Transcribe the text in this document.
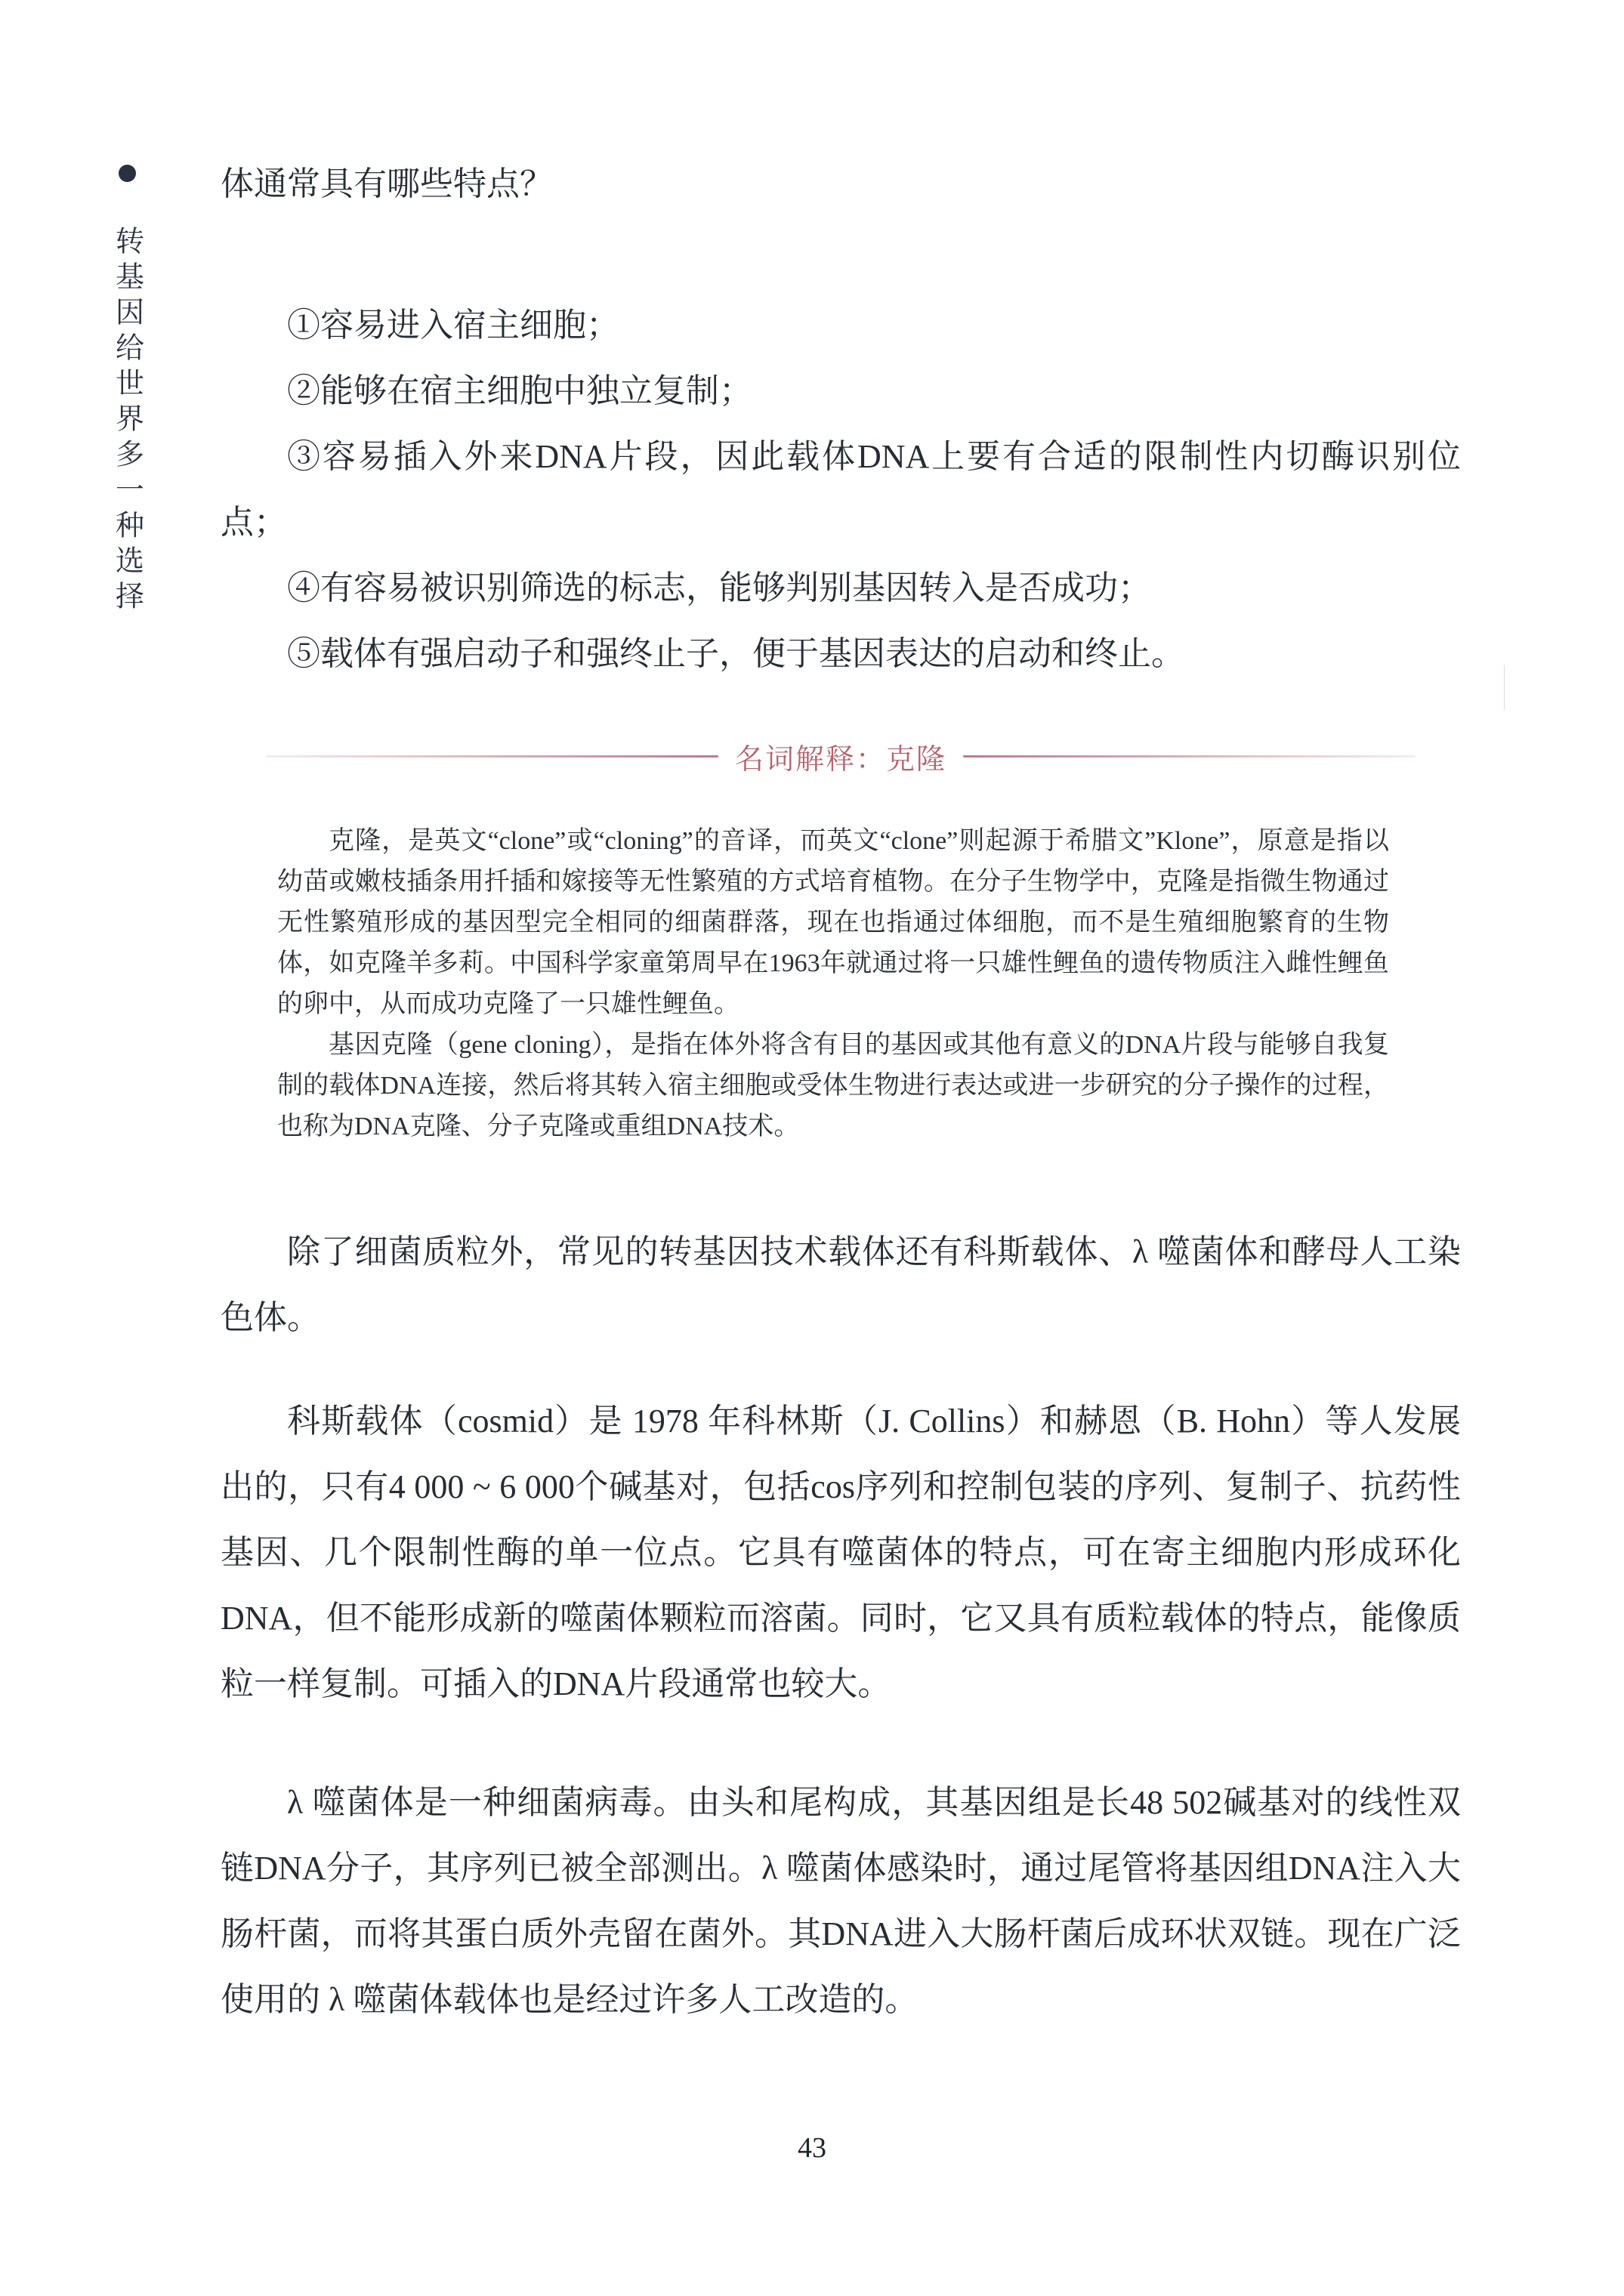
转基因给世界多一种选择

体通常具有哪些特点？

①容易进入宿主细胞；

②能够在宿主细胞中独立复制；

③容易插入外来DNA片段，因此载体DNA上要有合适的限制性内切酶识别位点；

④有容易被识别筛选的标志，能够判别基因转入是否成功；

⑤载体有强启动子和强终止子，便于基因表达的启动和终止。

名词解释：克隆

克隆，是英文“clone”或“cloning”的音译，而英文“clone”则起源于希腊文”Klone”，原意是指以幼苗或嫩枝插条用扦插和嫁接等无性繁殖的方式培育植物。在分子生物学中，克隆是指微生物通过无性繁殖形成的基因型完全相同的细菌群落，现在也指通过体细胞，而不是生殖细胞繁育的生物体，如克隆羊多莉。中国科学家童第周早在1963年就通过将一只雄性鲤鱼的遗传物质注入雌性鲤鱼的卵中，从而成功克隆了一只雄性鲤鱼。

基因克隆（gene cloning），是指在体外将含有目的基因或其他有意义的DNA片段与能够自我复制的载体DNA连接，然后将其转入宿主细胞或受体生物进行表达或进一步研究的分子操作的过程，也称为DNA克隆、分子克隆或重组DNA技术。

除了细菌质粒外，常见的转基因技术载体还有科斯载体、λ 噬菌体和酵母人工染色体。

科斯载体（cosmid）是 1978 年科林斯（J. Collins）和赫恩（B. Hohn）等人发展出的，只有4 000 ~ 6 000个碱基对，包括cos序列和控制包装的序列、复制子、抗药性基因、几个限制性酶的单一位点。它具有噬菌体的特点，可在寄主细胞内形成环化DNA，但不能形成新的噬菌体颗粒而溶菌。同时，它又具有质粒载体的特点，能像质粒一样复制。可插入的DNA片段通常也较大。

λ 噬菌体是一种细菌病毒。由头和尾构成，其基因组是长48 502碱基对的线性双链DNA分子，其序列已被全部测出。λ 噬菌体感染时，通过尾管将基因组DNA注入大肠杆菌，而将其蛋白质外壳留在菌外。其DNA进入大肠杆菌后成环状双链。现在广泛使用的 λ 噬菌体载体也是经过许多人工改造的。

43
